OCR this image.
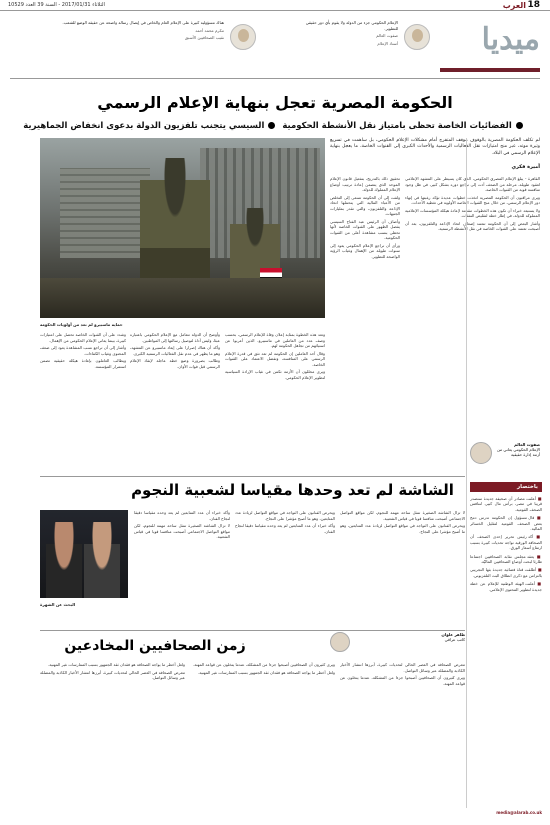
18
العرب
الثلاثاء 2017/01/31 - السنة 39 العدد 10529
الإعلام الحكومي جزء من الدولة ولا يقوم بأي دور حقيقي للتطوير.
صفوت العالم
أستاذ الإعلام
هناك مسؤولية كبيرة على الإعلام العام والخاص في إيصال رسالة واضحة عن حقيقة الوضع للشعب.
مكرم محمد أحمد
نقيب الصحافيين الأسبق	ميديا
الحكومة المصرية تعجل بنهاية الإعلام الرسمي
الفضائيات الخاصة تحظى بامتياز نقل الأنشطة الحكومية السيسي يتجنب تلفزيون الدولة بدعوى انخفاض الجماهيرية
لم تكلف الحكومة المصرية بالوقوف موقف المتفرج أمام مشكلات الإعلام الحكومي، بل ساهمت في تسريع وتيرة موته، عبر منح امتيازات نقل الفعاليات الرسمية والأحداث الكبرى إلى القنوات الخاصة، ما يعجل بنهاية الإعلام الرسمي في البلاد.
أميرة فكري
حماية ماسبيرو لم تعد من أولويات الحكومة

القاهرة - يبلغ الإعلام المصري الحكومي، الذي كان يسيطر على المشهد الإعلامي لعقود طويلة، مرحلة من الضعف أدت إلى تراجع دوره بشكل كبير، في ظل وجود منافسة قوية من القنوات الخاصة.

ويرى مراقبون أن الحكومة المصرية اتخذت خطوات عديدة تؤكد رغبتها في إنهاء دور الإعلام الرسمي، من خلال منح القنوات الخاصة الأولوية في تغطية الأحداث.

ولا يستبعد خبراء أن تكون هذه الخطوات مقدمة لإعادة هيكلة المؤسسات الإعلامية المملوكة للدولة، في إطار خطة لتقليص النفقات.

وأشار البعض إلى أن الحكومة تتعمد إضعاف اتحاد الإذاعة والتلفزيون، بعد أن أصبحت تعتمد على القنوات الخاصة في نقل الأنشطة الرسمية.

تحقيق ذلك بالتدريج، بتفعيل قانون الإعلام الموحد الذي يتضمن إعادة ترتيب أوضاع الإعلام المملوك للدولة.

ولفت إلى أن الحكومة تسعى إلى التخلص من الأعباء المالية التي يتحملها اتحاد الإذاعة والتلفزيون، والتي تقدر بمليارات الجنيهات.

وأضاف أن الرئيس عبد الفتاح السيسي يفضل الظهور على القنوات الخاصة لأنها تحظى بنسب مشاهدة أعلى من القنوات الحكومية.

ورأى أن تراجع الإعلام الحكومي يعود إلى سنوات طويلة من الإهمال وغياب الرؤية الواضحة للتطوير.

وتعد هذه الخطوة بمثابة إعلان وفاة للإعلام الرسمي، بحسب وصف عدد من العاملين في ماسبيرو، الذين أعربوا عن استيائهم من تجاهل الحكومة لهم.

وقال أحد العاملين إن الحكومة لم تعد تثق في قدرة الإعلام الرسمي على المنافسة، وتفضل الاعتماد على القنوات الخاصة.

ويرى محللون أن الأزمة تكمن في غياب الإرادة السياسية لتطوير الإعلام الحكومي.

وأوضح أن الدولة تتعامل مع الإعلام الحكومي باعتباره عبئا، وليس أداة لتوصيل رسالتها إلى المواطنين.

وأكد أن هناك إصرارا على إبعاد ماسبيرو عن المشهد، وهو ما يظهر في عدم نقل الفعاليات الرسمية الكبرى.

وطالب بضرورة وضع خطة عاجلة لإنقاذ الإعلام الرسمي قبل فوات الأوان.

وشدد على أن القنوات الخاصة تحصل على امتيازات كبيرة، بينما يعاني الإعلام الحكومي من الإهمال.

وأشار إلى أن تراجع نسب المشاهدة يعود إلى ضعف المحتوى وغياب الكفاءات.

ويطالب العاملون بإعادة هيكلة حقيقية تضمن استمرار المؤسسة.

صفوت العالم
الإعلام الحكومي يعاني من أزمة إدارة حقيقية
باختصار

■ أعلنت مصادر أن صحيفة جديدة ستصدر قريبا في مصر، برأس مال كبير، لتنافس الصحف القومية.

■ قال مسؤول إن الحكومة تدرس دمج بعض الصحف القومية لتقليل الخسائر المالية.

■ أكد رئيس تحرير إحدى الصحف أن الصحافة الورقية تواجه تحديات كبيرة بسبب ارتفاع أسعار الورق.

■ يعقد مجلس نقابة الصحافيين اجتماعا طارئا لبحث أوضاع الصحافيين الماليّة.

■ أطلقت قناة فضائية جديدة بثها التجريبي بالتزامن مع ذكرى انطلاق البث التلفزيوني.

■ أعلنت الهيئة الوطنية للإعلام عن خطة جديدة لتطوير المحتوى الإعلامي.

media@alarab.co.uk
الشاشة لم تعد وحدها مقياسا لشعبية النجوم
البحث عن الشهرة

لا تزال الشاشة الصغيرة تمثل ساحة مهمة للنجوم، لكن مواقع التواصل الاجتماعي أصبحت منافسا قويا في قياس الشعبية.

ويحرص الفنانون على التواجد في مواقع التواصل لزيادة عدد المتابعين، وهو ما أصبح مؤشرا على النجاح.

ويحرص الفنانون على التواجد في مواقع التواصل لزيادة عدد المتابعين، وهو ما أصبح مؤشرا على النجاح.

وأكد خبراء أن عدد المتابعين لم يعد وحده مقياسا دقيقا لنجاح الفنان.

وأكد خبراء أن عدد المتابعين لم يعد وحده مقياسا دقيقا لنجاح الفنان.

لا تزال الشاشة الصغيرة تمثل ساحة مهمة للنجوم، لكن مواقع التواصل الاجتماعي أصبحت منافسا قويا في قياس الشعبية.

زمن الصحافيين المخادعين
طاهر علوان
كاتب عراقي

تتعرض الصحافة في العصر الحالي لتحديات كبيرة، أبرزها انتشار الأخبار الكاذبة والمضللة عبر وسائل التواصل.

ويرى كثيرون أن الصحافيين أصبحوا جزءا من المشكلة، عندما يتخلون عن قواعد المهنة.

ويرى كثيرون أن الصحافيين أصبحوا جزءا من المشكلة، عندما يتخلون عن قواعد المهنة.

ولعل أخطر ما يواجه الصحافة هو فقدان ثقة الجمهور بسبب الممارسات غير المهنية.

ولعل أخطر ما يواجه الصحافة هو فقدان ثقة الجمهور بسبب الممارسات غير المهنية.

تتعرض الصحافة في العصر الحالي لتحديات كبيرة، أبرزها انتشار الأخبار الكاذبة والمضللة عبر وسائل التواصل.
